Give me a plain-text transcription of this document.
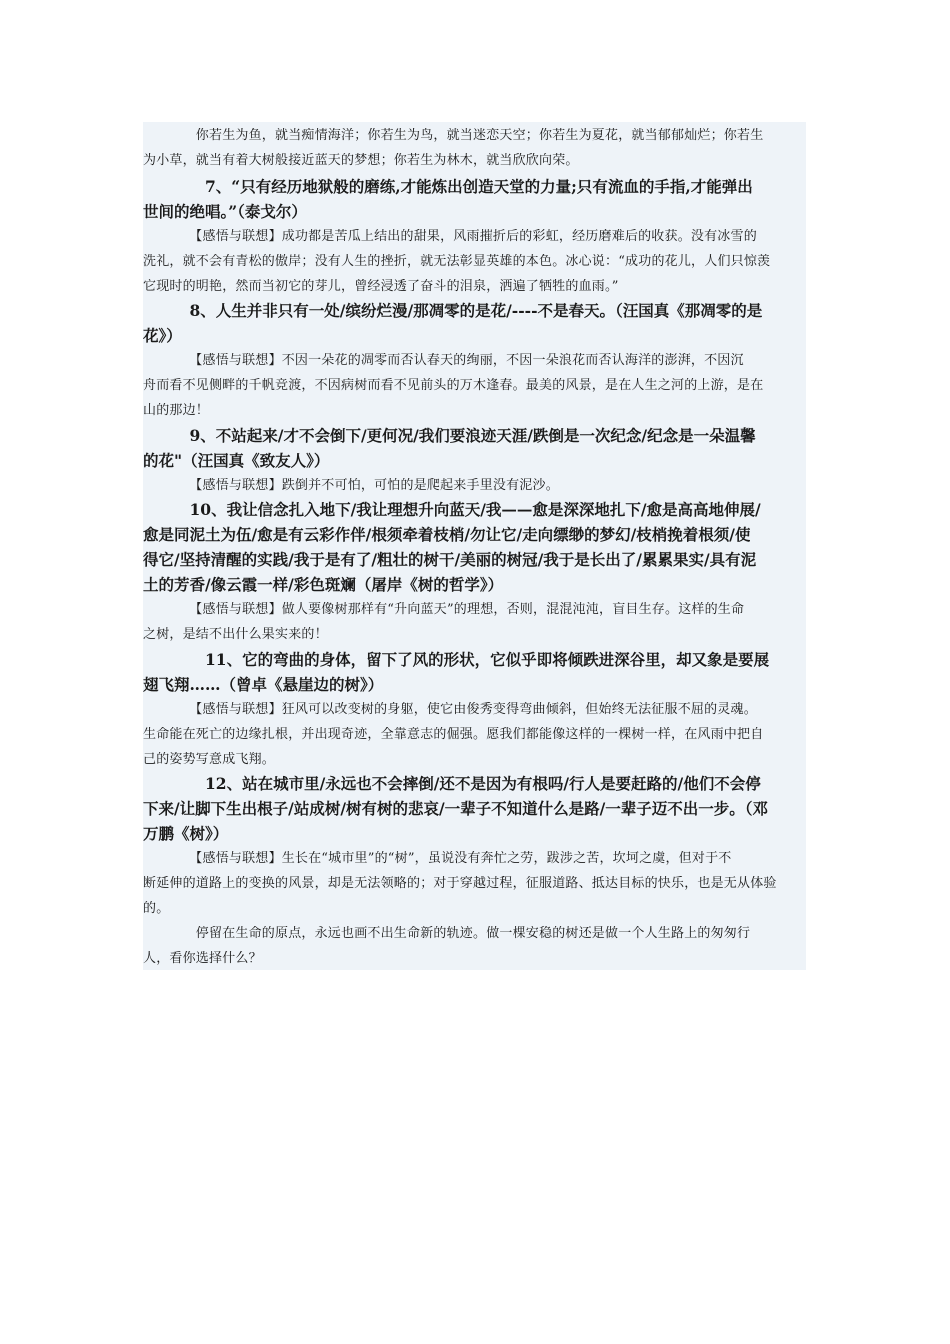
　　　　你若生为鱼，就当痴情海洋；你若生为鸟，就当迷恋天空；你若生为夏花，就当郁郁灿烂；你若生
为小草，就当有着大树般接近蓝天的梦想；你若生为林木，就当欣欣向荣。
　　　　7、“只有经历地狱般的磨练,才能炼出创造天堂的力量;只有流血的手指,才能弹出
世间的绝唱。”（泰戈尔）
　　　　【感悟与联想】成功都是苦瓜上结出的甜果，风雨摧折后的彩虹，经历磨难后的收获。没有冰雪的
洗礼，就不会有青松的傲岸；没有人生的挫折，就无法彰显英雄的本色。冰心说：“成功的花儿，人们只惊羡
它现时的明艳，然而当初它的芽儿，曾经浸透了奋斗的泪泉，洒遍了牺牲的血雨。”
　　　8、人生并非只有一处/缤纷烂漫/那凋零的是花/----不是春天。（汪国真《那凋零的是
花》）
　　　　【感悟与联想】不因一朵花的凋零而否认春天的绚丽，不因一朵浪花而否认海洋的澎湃，不因沉
舟而看不见侧畔的千帆竞渡，不因病树而看不见前头的万木逢春。最美的风景，是在人生之河的上游，是在
山的那边！
　　　9、不站起来/才不会倒下/更何况/我们要浪迹天涯/跌倒是一次纪念/纪念是一朵温馨
的花"（汪国真《致友人》）
　　　　【感悟与联想】跌倒并不可怕，可怕的是爬起来手里没有泥沙。
　　　10、我让信念扎入地下/我让理想升向蓝天/我——愈是深深地扎下/愈是高高地伸展/
愈是同泥土为伍/愈是有云彩作伴/根须牵着枝梢/勿让它/走向缥缈的梦幻/枝梢挽着根须/使
得它/坚持清醒的实践/我于是有了/粗壮的树干/美丽的树冠/我于是长出了/累累果实/具有泥
土的芳香/像云霞一样/彩色斑斓（屠岸《树的哲学》）
　　　　【感悟与联想】做人要像树那样有“升向蓝天”的理想，否则，混混沌沌，盲目生存。这样的生命
之树，是结不出什么果实来的！
　　　　11、它的弯曲的身体，留下了风的形状，它似乎即将倾跌进深谷里，却又象是要展
翅飞翔……（曾卓《悬崖边的树》）
　　　　【感悟与联想】狂风可以改变树的身躯，使它由俊秀变得弯曲倾斜，但始终无法征服不屈的灵魂。
生命能在死亡的边缘扎根，并出现奇迹，全靠意志的倔强。愿我们都能像这样的一棵树一样，在风雨中把自
己的姿势写意成飞翔。
　　　　12、站在城市里/永远也不会摔倒/还不是因为有根吗/行人是要赶路的/他们不会停
下来/让脚下生出根子/站成树/树有树的悲哀/一辈子不知道什么是路/一辈子迈不出一步。（邓
万鹏《树》）
　　　　【感悟与联想】生长在“城市里”的“树”，虽说没有奔忙之劳，跋涉之苦，坎坷之虞，但对于不
断延伸的道路上的变换的风景，却是无法领略的；对于穿越过程，征服道路、抵达目标的快乐，也是无从体验
的。
　　　　停留在生命的原点，永远也画不出生命新的轨迹。做一棵安稳的树还是做一个人生路上的匆匆行
人，看你选择什么？
